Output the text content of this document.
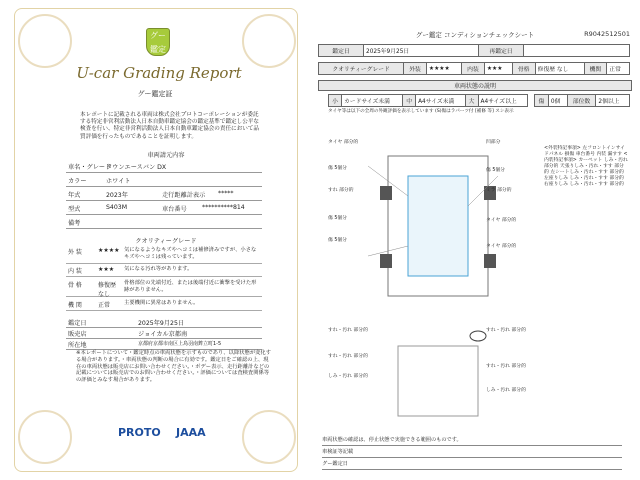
グー鑑定
U-car Grading Report
グー鑑定証
本レポートに記載される車両は株式会社プロトコーポレーションが委託する特定非営利活動法人日本自動車鑑定協会の鑑定基準で鑑定し公平な検査を行い、特定非営利活動法人日本自動車鑑定協会の責任において品質評価を行ったものであることを証明します。
車両請元内容
車名・グレード
タウンエースバン DX
カラー	ホワイト
年式	2023年	走行距離計表示 *****
型式	S403M	車台番号 **********814
備考
クオリティーグレード
外 装	★★★★ 気になるようなキズやヘコミは補修済みですが、小さなキズやヘコミは残っています。
内 装	★★★	気になる汚れ等があります。
骨 格	修復歴 なし
骨格部位の先端付近、または後端付近に衝撃を受けた形跡がありません。
機 関	正常	主要機関に異常はありません。
鑑定日	2025年9月25日
販売店	ジョイカル京都南
所在地	京都府京都市南区上鳥羽南鉾立町1-5
※本レポートについて・鑑定時点の車両状態を示すものであり、以降状態が変化する場合があります。・車両状態の判断の場合に有効です。鑑定日をご確認の上、現在の車両状態は販売店にお問い合わせください。・ボデー表示、走行距離計などの記載については販売店でのお問い合わせください。・評価については査検査関係等の評価とみなす場合があります。
PROTO JAAA
グー鑑定 コンディションチェックシート	R9042512501
鑑定日	2025年9月25日	再鑑定日	
クオリティーグレード	外装	★★★★	内装	★★★	骨格	修復歴 なし	機関	正常
車両状態の説明
小	カードサイズ未満	中	A4サイズ未満	大	A4サイズ以上	傷	0個	部位数	2個以上
タイヤ等は以下の全周の外観評価を表示しています (S)傷はラパーツ付 [補修 等] スシ表示
タイヤ 部分的	凹部分
傷 5個分
すれ 部分的
傷 5個分
ミラ 部分的
タイヤ 部分的
傷 5個分
傷 5個分
タイヤ 部分的
すれ・汚れ 部分的	すれ・汚れ 部分的
すれ・汚れ 部分的
しみ・汚れ 部分的
すれ・汚れ 部分的
しみ・汚れ 部分的
<外装特記事項> 左フロントインサイドパネル 損傷 車台番号 内装 漏すす <内装特記事項> カーペット しみ・汚れ 部分的 天張りしみ・汚れ・すす 部分的 左シートしみ・汚れ・すす 部分的 左座りしみ しみ・汚れ・すす 部分的 右座りしみ しみ・汚れ・すす 部分的
車両状態の確認は、停止状態で実施できる範囲のものです。
車検証等記載
グー鑑定日
